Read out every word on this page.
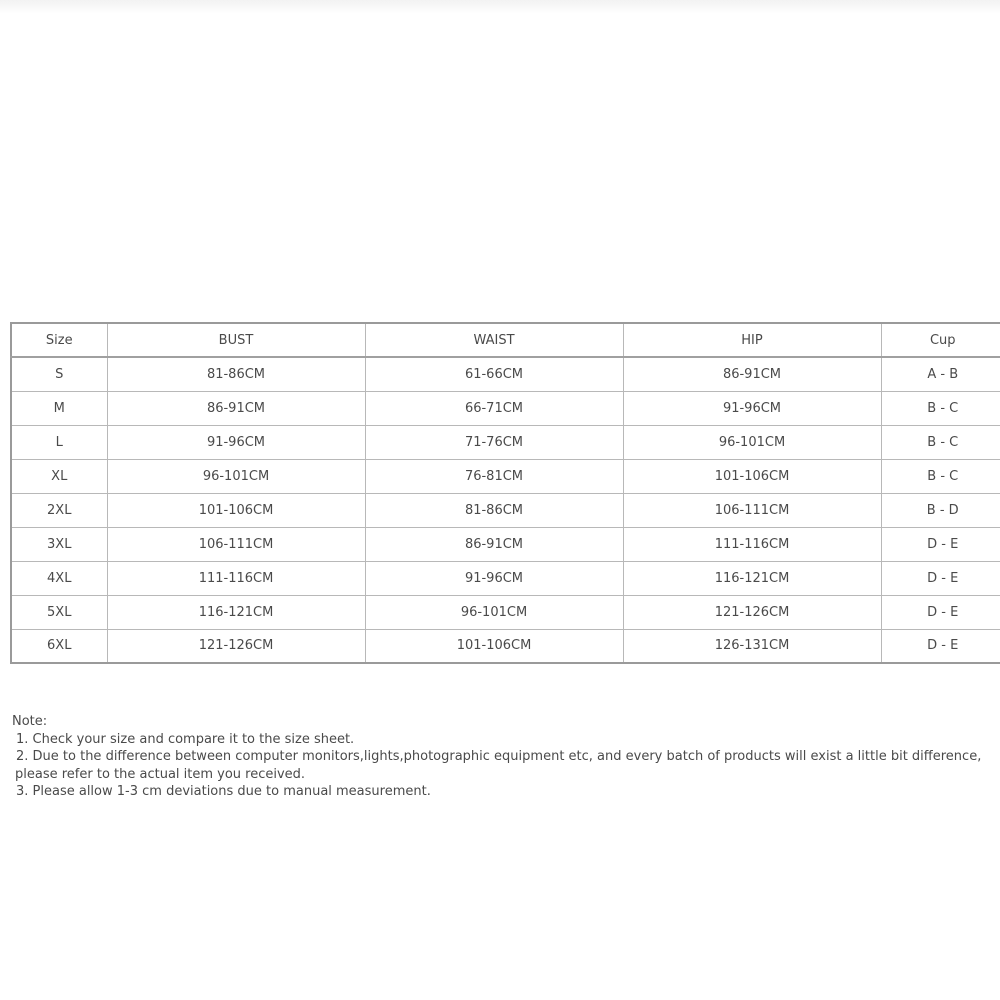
Size	BUST	WAIST	HIP	Cup
S	81-86CM	61-66CM	86-91CM	A - B
M	86-91CM	66-71CM	91-96CM	B - C
L	91-96CM	71-76CM	96-101CM	B - C
XL	96-101CM	76-81CM	101-106CM	B - C
2XL	101-106CM	81-86CM	106-111CM	B - D
3XL	106-111CM	86-91CM	111-116CM	D - E
4XL	111-116CM	91-96CM	116-121CM	D - E
5XL	116-121CM	96-101CM	121-126CM	D - E
6XL	121-126CM	101-106CM	126-131CM	D - E
Note:
1. Check your size and compare it to the size sheet.
2. Due to the difference between computer monitors,lights,photographic equipment etc, and every batch of products will exist a little bit difference,
please refer to the actual item you received.
3. Please allow 1-3 cm deviations due to manual measurement.
